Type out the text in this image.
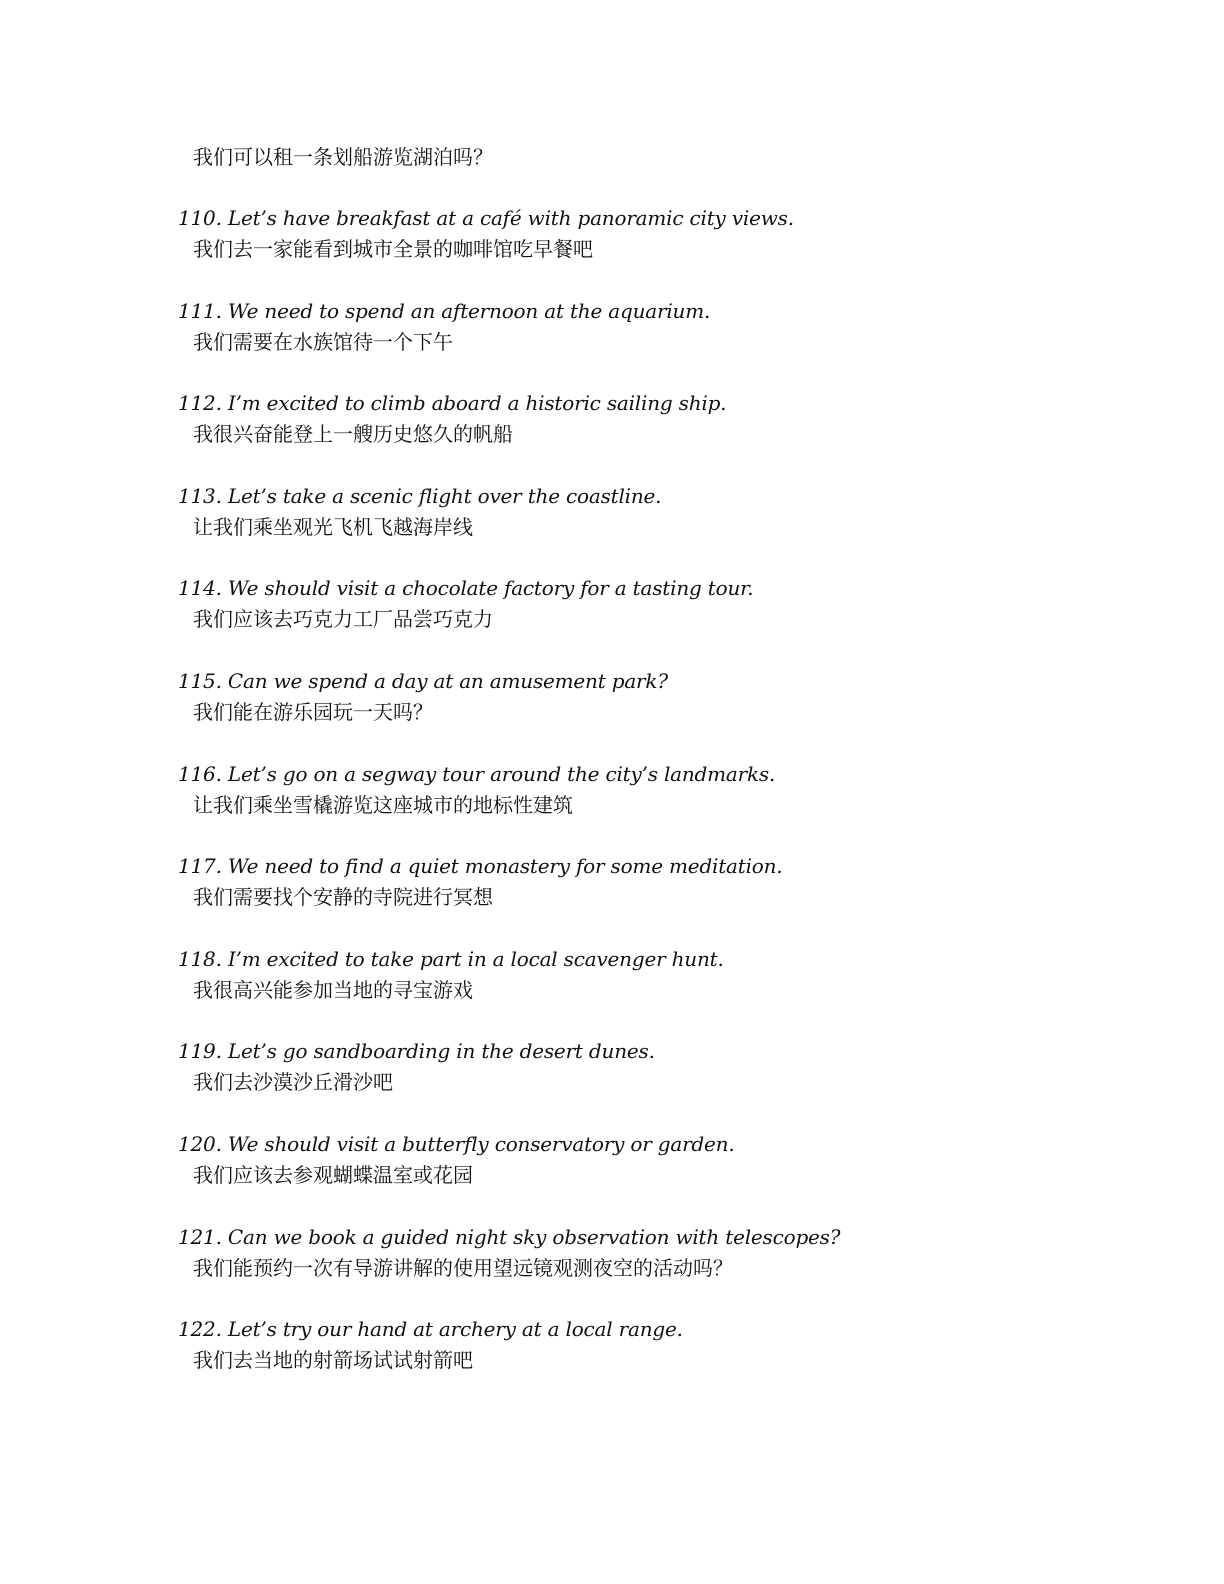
我们可以租一条划船游览湖泊吗？
110 . Let’s have breakfast at a café with panoramic city views.
我们去一家能看到城市全景的咖啡馆吃早餐吧
111 . We need to spend an afternoon at the aquarium.
我们需要在水族馆待一个下午
112 . I’m excited to climb aboard a historic sailing ship.
我很兴奋能登上一艘历史悠久的帆船
113 . Let’s take a scenic flight over the coastline.
让我们乘坐观光飞机飞越海岸线
114 . We should visit a chocolate factory for a tasting tour.
我们应该去巧克力工厂品尝巧克力
115 . Can we spend a day at an amusement park?
我们能在游乐园玩一天吗？
116 . Let’s go on a segway tour around the city’s landmarks.
让我们乘坐雪橇游览这座城市的地标性建筑
117 . We need to find a quiet monastery for some meditation.
我们需要找个安静的寺院进行冥想
118 . I’m excited to take part in a local scavenger hunt.
我很高兴能参加当地的寻宝游戏
119 . Let’s go sandboarding in the desert dunes.
我们去沙漠沙丘滑沙吧
120 . We should visit a butterfly conservatory or garden.
我们应该去参观蝴蝶温室或花园
121 . Can we book a guided night sky observation with telescopes?
我们能预约一次有导游讲解的使用望远镜观测夜空的活动吗？
122 . Let’s try our hand at archery at a local range.
我们去当地的射箭场试试射箭吧
